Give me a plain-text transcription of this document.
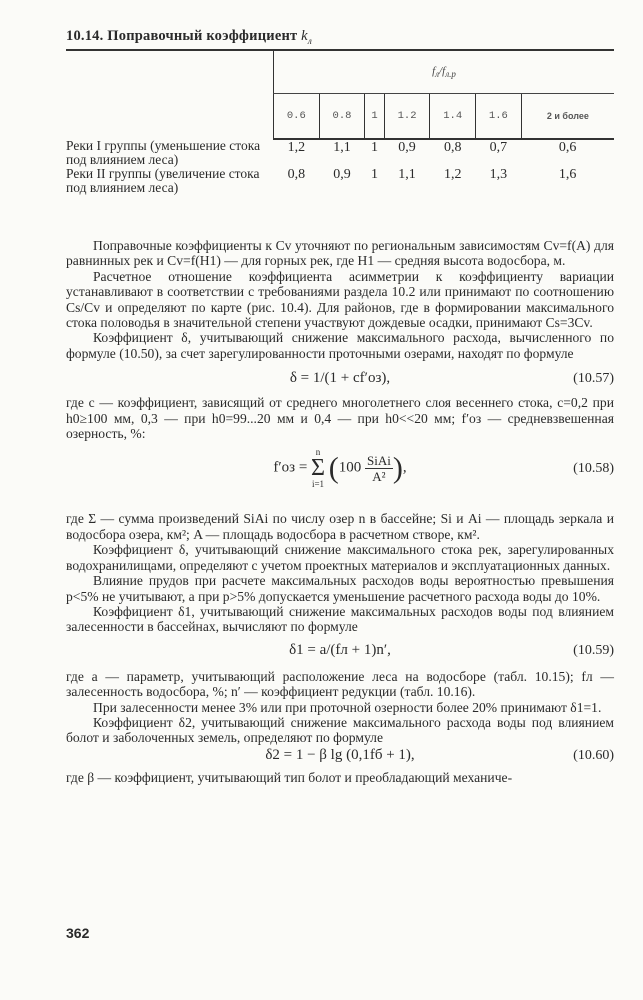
10.14. Поправочный коэффициент $k_л$
	$f_л/f_{л.р}$
	0.6	0.8	1	1.2	1.4	1.6	2 и более
Реки I группы (уменьшение стока под влиянием леса)	1,2	1,1	1	0,9	0,8	0,7	0,6
Реки II группы (увеличение стока под влиянием леса)	0,8	0,9	1	1,1	1,2	1,3	1,6

Поправочные коэффициенты к Cv уточняют по региональным зависимостям Cv=f(A) для равнинных рек и Cv=f(H1) — для горных рек, где H1 — средняя высота водосбора, м.

Расчетное отношение коэффициента асимметрии к коэффициенту вариации устанавливают в соответствии с требованиями раздела 10.2 или принимают по соотношению Cs/Cv и определяют по карте (рис. 10.4). Для районов, где в формировании максимального стока половодья в значительной степени участвуют дождевые осадки, принимают Cs=3Cv.

Коэффициент δ, учитывающий снижение максимального расхода, вычисленного по формуле (10.50), за счет зарегулированности проточными озерами, находят по формуле

δ = 1/(1 + cf′оз),	(10.57)

где c — коэффициент, зависящий от среднего многолетнего слоя весеннего стока, c=0,2 при h0≥100 мм, 0,3 — при h0=99...20 мм и 0,4 — при h0<<20 мм; f′оз — средневзвешенная озерность, %:

f′оз = n
Σ
i=1 ($100 \frac{\text{SiAi}}{\text{A²}}$ ),	(10.58)

где Σ — сумма произведений SiAi по числу озер n в бассейне; Si и Ai — площадь зеркала и водосбора озера, км²; A — площадь водосбора в расчетном створе, км².

Коэффициент δ, учитывающий снижение максимального стока рек, зарегулированных водохранилищами, определяют с учетом проектных материалов и эксплуатационных данных.

Влияние прудов при расчете максимальных расходов воды вероятностью превышения p<5% не учитывают, а при p>5% допускается уменьшение расчетного расхода воды до 10%.

Коэффициент δ1, учитывающий снижение максимальных расходов воды под влиянием залесенности в бассейнах, вычисляют по формуле

δ1 = a/(fл + 1)n′,	(10.59)

где a — параметр, учитывающий расположение леса на водосборе (табл. 10.15); fл — залесенность водосбора, %; n′ — коэффициент редукции (табл. 10.16).

При залесенности менее 3% или при проточной озерности более 20% принимают δ1=1.

Коэффициент δ2, учитывающий снижение максимального расхода воды под влиянием болот и заболоченных земель, определяют по формуле

δ2 = 1 − β lg (0,1fб + 1),	(10.60)

где β — коэффициент, учитывающий тип болот и преобладающий механиче-

362
